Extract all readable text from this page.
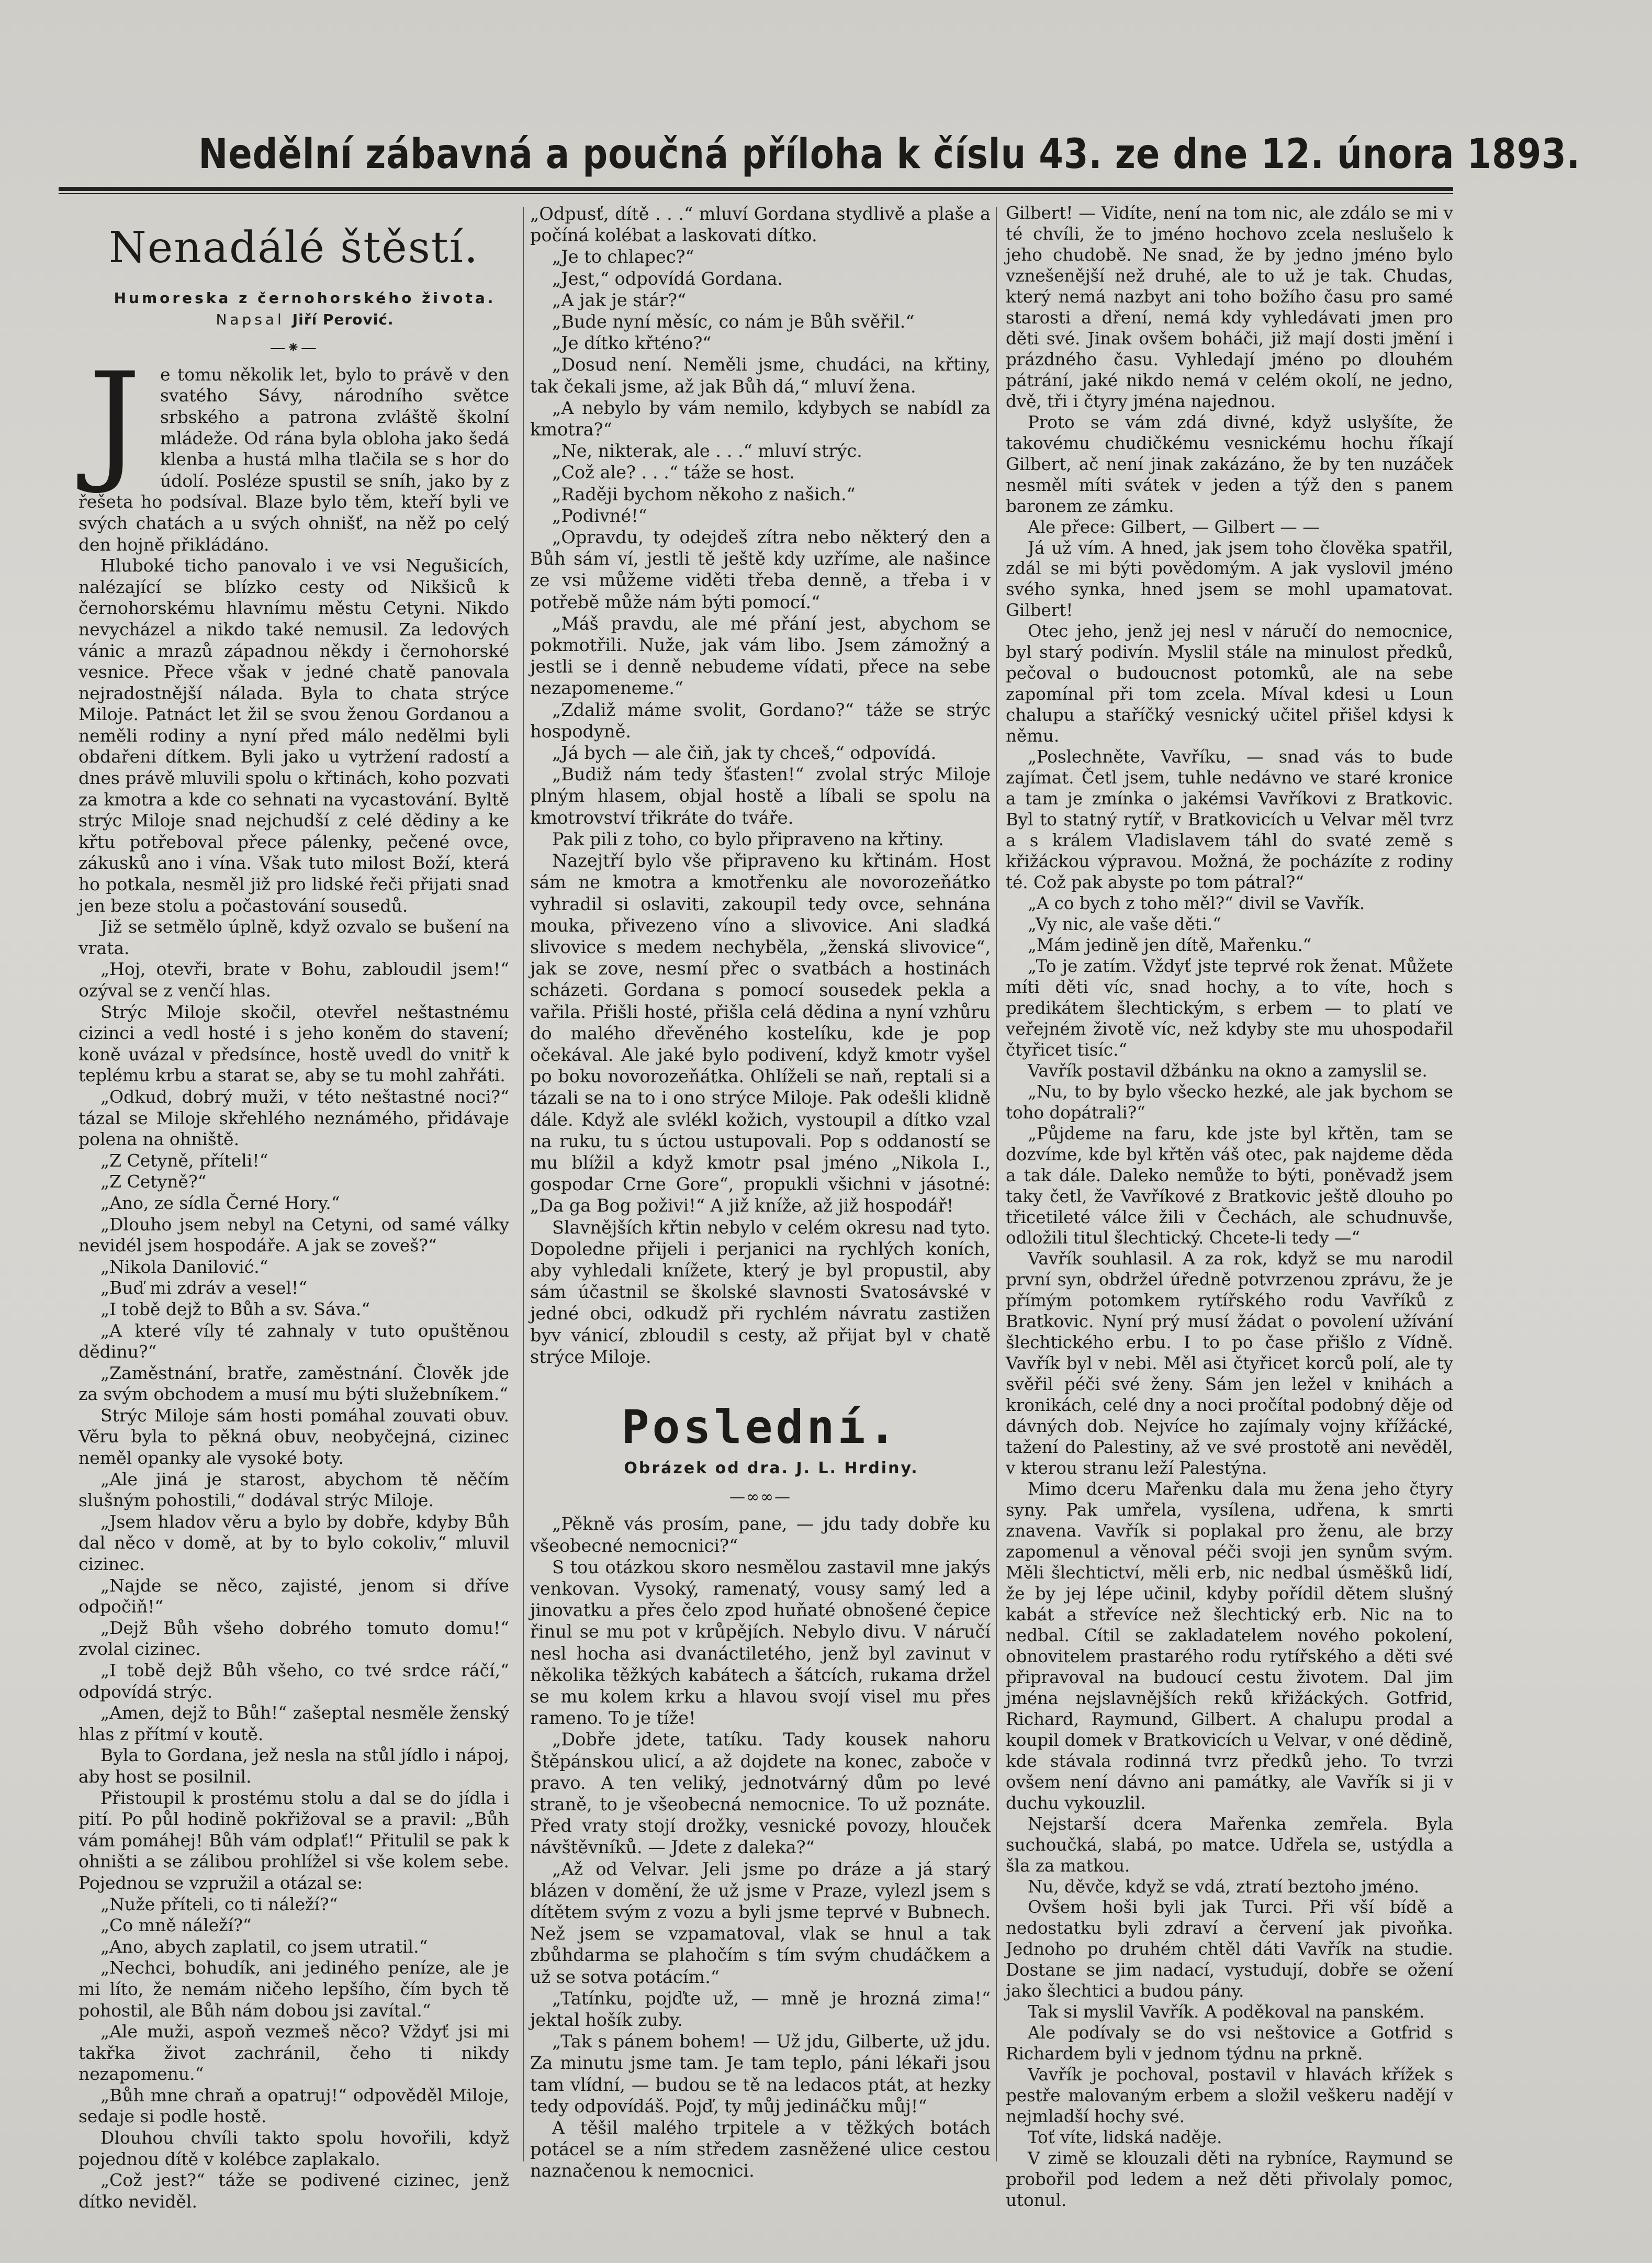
Nedělní zábavná a poučná příloha k číslu 43. ze dne 12. února 1893.
Nenadálé štěstí.

Humoreska z černohorského života.

Napsal Jiří Perović.

—⁕—
J	e tomu několik let, bylo to právě v den svatého Sávy, národního světce srbského a patrona zvláště školní mládeže. Od rána byla obloha jako šedá klenba a hustá mlha tlačila se s hor do údolí. Posléze spustil se sníh, jako by z řešeta ho podsíval. Blaze bylo těm, kteří byli ve svých chatách a u svých ohnišť, na něž po celý den hojně přikládáno.

Hluboké ticho panovalo i ve vsi Negušicích, nalézající se blízko cesty od Nikšiců k černohorskému hlavnímu městu Cetyni. Nikdo nevycházel a nikdo také nemusil. Za ledových vánic a mrazů západnou někdy i černohorské vesnice. Přece však v jedné chatě panovala nejradostnější nálada. Byla to chata strýce Miloje. Patnáct let žil se svou ženou Gordanou a neměli rodiny a nyní před málo nedělmi byli obdařeni dítkem. Byli jako u vytržení radostí a dnes právě mluvili spolu o křtinách, koho pozvati za kmotra a kde co sehnati na vycastování. Byltě strýc Miloje snad nejchudší z celé dědiny a ke křtu potřeboval přece pálenky, pečené ovce, zákusků ano i vína. Však tuto milost Boží, která ho potkala, nesměl již pro lidské řeči přijati snad jen beze stolu a počastování sousedů.

Již se setmělo úplně, když ozvalo se bušení na vrata.

„Hoj, otevři, brate v Bohu, zabloudil jsem!“ ozýval se z venčí hlas.

Strýc Miloje skočil, otevřel neštastnému cizinci a vedl hosté i s jeho koněm do stavení; koně uvázal v předsínce, hostě uvedl do vnitř k teplému krbu a starat se, aby se tu mohl zahřáti.

„Odkud, dobrý muži, v této neštastné noci?“ tázal se Miloje skřehlého neznámého, přidávaje polena na ohniště.

„Z Cetyně, příteli!“

„Z Cetyně?“

„Ano, ze sídla Černé Hory.“

„Dlouho jsem nebyl na Cetyni, od samé války nevidél jsem hospodáře. A jak se zoveš?“

„Nikola Danilović.“

„Buď mi zdráv a vesel!“

„I tobě dejž to Bůh a sv. Sáva.“

„A které víly té zahnaly v tuto opuštěnou dědinu?“

„Zaměstnání, bratře, zaměstnání. Člověk jde za svým obchodem a musí mu býti služebníkem.“

Strýc Miloje sám hosti pomáhal zouvati obuv. Věru byla to pěkná obuv, neobyčejná, cizinec neměl opanky ale vysoké boty.

„Ale jiná je starost, abychom tě něčím slušným pohostili,“ dodával strýc Miloje.

„Jsem hladov věru a bylo by dobře, kdyby Bůh dal něco v domě, at by to bylo cokoliv,“ mluvil cizinec.

„Najde se něco, zajisté, jenom si dříve odpočiň!“

„Dejž Bůh všeho dobrého tomuto domu!“ zvolal cizinec.

„I tobě dejž Bůh všeho, co tvé srdce ráčí,“ odpovídá strýc.

„Amen, dejž to Bůh!“ zašeptal nesměle ženský hlas z přítmí v koutě.

Byla to Gordana, jež nesla na stůl jídlo i nápoj, aby host se posilnil.

Přistoupil k prostému stolu a dal se do jídla i pití. Po půl hodině pokřižoval se a pravil: „Bůh vám pomáhej! Bůh vám odplať!“ Přitulil se pak k ohništi a se zálibou prohlížel si vše kolem sebe. Pojednou se vzpružil a otázal se:

„Nuže příteli, co ti náleží?“

„Co mně náleží?“

„Ano, abych zaplatil, co jsem utratil.“

„Nechci, bohudík, ani jediného peníze, ale je mi líto, že nemám ničeho lepšího, čím bych tě pohostil, ale Bůh nám dobou jsi zavítal.“

„Ale muži, aspoň vezmeš něco? Vždyť jsi mi takřka život zachránil, čeho ti nikdy nezapomenu.“

„Bůh mne chraň a opatruj!“ odpověděl Miloje, sedaje si podle hostě.

Dlouhou chvíli takto spolu hovořili, když pojednou dítě v kolébce zaplakalo.

„Což jest?“ táže se podivené cizinec, jenž dítko neviděl.

„Odpusť, dítě . . .“ mluví Gordana stydlivě a plaše a počíná kolébat a laskovati dítko.

„Je to chlapec?“

„Jest,“ odpovídá Gordana.

„A jak je stár?“

„Bude nyní měsíc, co nám je Bůh svěřil.“

„Je dítko křténo?“

„Dosud není. Neměli jsme, chudáci, na křtiny, tak čekali jsme, až jak Bůh dá,“ mluví žena.

„A nebylo by vám nemilo, kdybych se nabídl za kmotra?“

„Ne, nikterak, ale . . .“ mluví strýc.

„Což ale? . . .“ táže se host.

„Raději bychom někoho z našich.“

„Podivné!“

„Opravdu, ty odejdeš zítra nebo některý den a Bůh sám ví, jestli tě ještě kdy uzříme, ale našince ze vsi můžeme viděti třeba denně, a třeba i v potřebě může nám býti pomocí.“

„Máš pravdu, ale mé přání jest, abychom se pokmotřili. Nuže, jak vám libo. Jsem zámožný a jestli se i denně nebudeme vídati, přece na sebe nezapomeneme.“

„Zdaliž máme svolit, Gordano?“ táže se strýc hospodyně.

„Já bych — ale čiň, jak ty chceš,“ odpovídá.

„Budiž nám tedy šťasten!“ zvolal strýc Miloje plným hlasem, objal hostě a líbali se spolu na kmotrovství třikráte do tváře.

Pak pili z toho, co bylo připraveno na křtiny.

Nazejtří bylo vše připraveno ku křtinám. Host sám ne kmotra a kmotřenku ale novorozeňátko vyhradil si oslaviti, zakoupil tedy ovce, sehnána mouka, přivezeno víno a slivovice. Ani sladká slivovice s medem nechyběla, „ženská slivovice“, jak se zove, nesmí přec o svatbách a hostinách scházeti. Gordana s pomocí sousedek pekla a vařila. Přišli hosté, přišla celá dědina a nyní vzhůru do malého dřevěného kostelíku, kde je pop očekával. Ale jaké bylo podivení, když kmotr vyšel po boku novorozeňátka. Ohlíželi se naň, reptali si a tázali se na to i ono strýce Miloje. Pak odešli klidně dále. Když ale svlékl kožich, vystoupil a dítko vzal na ruku, tu s úctou ustupovali. Pop s oddaností se mu blížil a když kmotr psal jméno „Nikola I., gospodar Crne Gore“, propukli všichni v jásotné: „Da ga Bog poživi!“ A již kníže, až již hospodář!

Slavnějších křtin nebylo v celém okresu nad tyto. Dopoledne přijeli i perjanici na rychlých koních, aby vyhledali knížete, který je byl propustil, aby sám účastnil se školské slavnosti Svatosávské v jedné obci, odkudž při rychlém návratu zastižen byv vánicí, zbloudil s cesty, až přijat byl v chatě strýce Miloje.

Poslední.

Obrázek od dra. J. L. Hrdiny.

—∞∞—

„Pěkně vás prosím, pane, — jdu tady dobře ku všeobecné nemocnici?“

S tou otázkou skoro nesmělou zastavil mne jakýs venkovan. Vysoký, ramenatý, vousy samý led a jinovatku a přes čelo zpod huňaté obnošené čepice řinul se mu pot v krůpějích. Nebylo divu. V náručí nesl hocha asi dvanáctiletého, jenž byl zavinut v několika těžkých kabátech a šátcích, rukama držel se mu kolem krku a hlavou svojí visel mu přes rameno. To je tíže!

„Dobře jdete, tatíku. Tady kousek nahoru Štěpánskou ulicí, a až dojdete na konec, zaboče v pravo. A ten veliký, jednotvárný dům po levé straně, to je všeobecná nemocnice. To už poznáte. Před vraty stojí drožky, vesnické povozy, hlouček návštěvníků. — Jdete z daleka?“

„Až od Velvar. Jeli jsme po dráze a já starý blázen v domění, že už jsme v Praze, vylezl jsem s dítětem svým z vozu a byli jsme teprvé v Bubnech. Než jsem se vzpamatoval, vlak se hnul a tak zbůhdarma se plahočím s tím svým chudáčkem a už se sotva potácím.“

„Tatínku, pojďte už, — mně je hrozná zima!“ jektal hošík zuby.

„Tak s pánem bohem! — Už jdu, Gilberte, už jdu. Za minutu jsme tam. Je tam teplo, páni lékaři jsou tam vlídní, — budou se tě na ledacos ptát, at hezky tedy odpovídáš. Pojď, ty můj jedináčku můj!“

A těšil malého trpitele a v těžkých botách potácel se a ním středem zasněžené ulice cestou naznačenou k nemocnici.

Gilbert! — Vidíte, není na tom nic, ale zdálo se mi v té chvíli, že to jméno hochovo zcela neslušelo k jeho chudobě. Ne snad, že by jedno jméno bylo vznešenější než druhé, ale to už je tak. Chudas, který nemá nazbyt ani toho božího času pro samé starosti a dření, nemá kdy vyhledávati jmen pro děti své. Jinak ovšem boháči, již mají dosti jmění i prázdného času. Vyhledají jméno po dlouhém pátrání, jaké nikdo nemá v celém okolí, ne jedno, dvě, tři i čtyry jména najednou.

Proto se vám zdá divné, když uslyšíte, že takovému chudičkému vesnickému hochu říkají Gilbert, ač není jinak zakázáno, že by ten nuzáček nesměl míti svátek v jeden a týž den s panem baronem ze zámku.

Ale přece: Gilbert, — Gilbert — —

Já už vím. A hned, jak jsem toho člověka spatřil, zdál se mi býti povědomým. A jak vyslovil jméno svého synka, hned jsem se mohl upamatovat. Gilbert!

Otec jeho, jenž jej nesl v náručí do nemocnice, byl starý podivín. Myslil stále na minulost předků, pečoval o budoucnost potomků, ale na sebe zapomínal při tom zcela. Míval kdesi u Loun chalupu a staříčký vesnický učitel přišel kdysi k němu.

„Poslechněte, Vavříku, — snad vás to bude zajímat. Četl jsem, tuhle nedávno ve staré kronice a tam je zmínka o jakémsi Vavříkovi z Bratkovic. Byl to statný rytíř, v Bratkovicích u Velvar měl tvrz a s králem Vladislavem táhl do svaté země s křižáckou výpravou. Možná, že pocházíte z rodiny té. Což pak abyste po tom pátral?“

„A co bych z toho měl?“ divil se Vavřík.

„Vy nic, ale vaše děti.“

„Mám jedině jen dítě, Mařenku.“

„To je zatím. Vždyť jste teprvé rok ženat. Můžete míti děti víc, snad hochy, a to víte, hoch s predikátem šlechtickým, s erbem — to platí ve veřejném životě víc, než kdyby ste mu uhospodařil čtyřicet tisíc.“

Vavřík postavil džbánku na okno a zamyslil se.

„Nu, to by bylo všecko hezké, ale jak bychom se toho dopátrali?“

„Půjdeme na faru, kde jste byl křtěn, tam se dozvíme, kde byl křtěn váš otec, pak najdeme děda a tak dále. Daleko nemůže to býti, poněvadž jsem taky četl, že Vavříkové z Bratkovic ještě dlouho po třicetileté válce žili v Čechách, ale schudnuvše, odložili titul šlechtický. Chcete-li tedy —“

Vavřík souhlasil. A za rok, když se mu narodil první syn, obdržel úředně potvrzenou zprávu, že je přímým potomkem rytířského rodu Vavříků z Bratkovic. Nyní prý musí žádat o povolení užívání šlechtického erbu. I to po čase přišlo z Vídně. Vavřík byl v nebi. Měl asi čtyřicet korců polí, ale ty svěřil péči své ženy. Sám jen ležel v knihách a kronikách, celé dny a noci pročítal podobný děje od dávných dob. Nejvíce ho zajímaly vojny křížácké, tažení do Palestiny, až ve své prostotě ani nevěděl, v kterou stranu leží Palestýna.

Mimo dceru Mařenku dala mu žena jeho čtyry syny. Pak umřela, vysílena, udřena, k smrti znavena. Vavřík si poplakal pro ženu, ale brzy zapomenul a věnoval péči svoji jen synům svým. Měli šlechtictví, měli erb, nic nedbal úsměšků lidí, že by jej lépe učinil, kdyby pořídil dětem slušný kabát a střevíce než šlechtický erb. Nic na to nedbal. Cítil se zakladatelem nového pokolení, obnovitelem prastarého rodu rytířského a děti své připravoval na budoucí cestu životem. Dal jim jména nejslavnějších reků křižáckých. Gotfrid, Richard, Raymund, Gilbert. A chalupu prodal a koupil domek v Bratkovicích u Velvar, v oné dědině, kde stávala rodinná tvrz předků jeho. To tvrzi ovšem není dávno ani památky, ale Vavřík si ji v duchu vykouzlil.

Nejstarší dcera Mařenka zemřela. Byla suchoučká, slabá, po matce. Udřela se, ustýdla a šla za matkou.

Nu, děvče, když se vdá, ztratí beztoho jméno.

Ovšem hoši byli jak Turci. Při vší bídě a nedostatku byli zdraví a červení jak pivoňka. Jednoho po druhém chtěl dáti Vavřík na studie. Dostane se jim nadací, vystudují, dobře se ožení jako šlechtici a budou pány.

Tak si myslil Vavřík. A poděkoval na panském.

Ale podívaly se do vsi neštovice a Gotfrid s Richardem byli v jednom týdnu na prkně.

Vavřík je pochoval, postavil v hlavách křížek s pestře malovaným erbem a složil veškeru nadějí v nejmladší hochy své.

Toť víte, lidská naděje.

V zimě se klouzali děti na rybníce, Raymund se probořil pod ledem a než děti přivolaly pomoc, utonul.
